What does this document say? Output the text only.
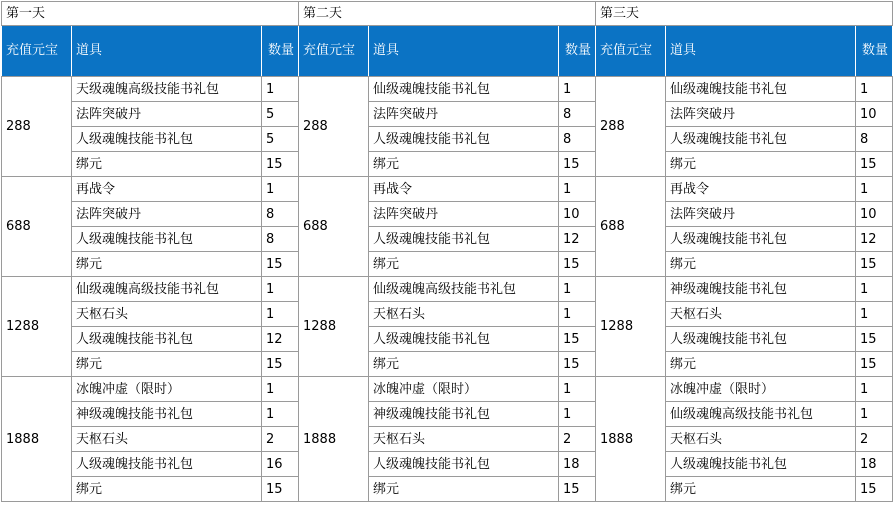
第一天			第二天			第三天		
充值元宝	道具	数量	充值元宝	道具	数量	充值元宝	道具	数量
288	天级魂魄高级技能书礼包	1	288	仙级魂魄技能书礼包	1	288	仙级魂魄技能书礼包	1
	法阵突破丹	5		法阵突破丹	8		法阵突破丹	10
	人级魂魄技能书礼包	5		人级魂魄技能书礼包	8		人级魂魄技能书礼包	8
	绑元	15		绑元	15		绑元	15
688	再战令	1	688	再战令	1	688	再战令	1
	法阵突破丹	8		法阵突破丹	10		法阵突破丹	10
	人级魂魄技能书礼包	8		人级魂魄技能书礼包	12		人级魂魄技能书礼包	12
	绑元	15		绑元	15		绑元	15
1288	仙级魂魄高级技能书礼包	1	1288	仙级魂魄高级技能书礼包	1	1288	神级魂魄技能书礼包	1
	天枢石头	1		天枢石头	1		天枢石头	1
	人级魂魄技能书礼包	12		人级魂魄技能书礼包	15		人级魂魄技能书礼包	15
	绑元	15		绑元	15		绑元	15
1888	冰魄冲虚（限时）	1	1888	冰魄冲虚（限时）	1	1888	冰魄冲虚（限时）	1
	神级魂魄技能书礼包	1		神级魂魄技能书礼包	1		仙级魂魄高级技能书礼包	1
	天枢石头	2		天枢石头	2		天枢石头	2
	人级魂魄技能书礼包	16		人级魂魄技能书礼包	18		人级魂魄技能书礼包	18
	绑元	15		绑元	15		绑元	15
